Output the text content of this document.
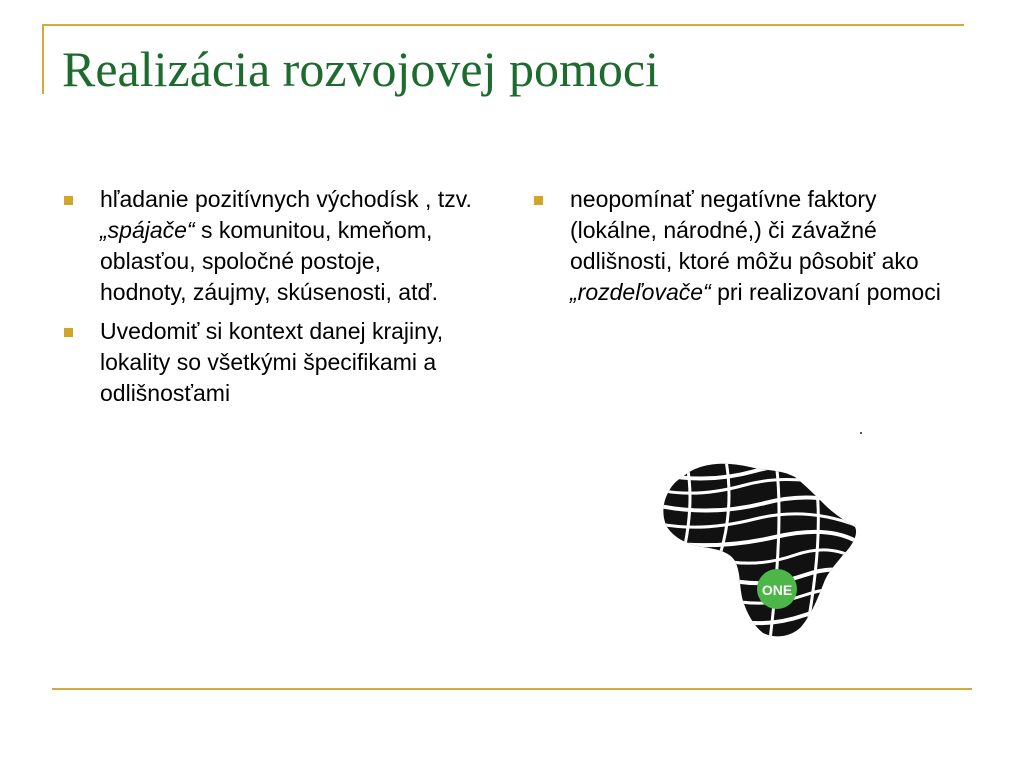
Realizácia rozvojovej pomoci
hľadanie pozitívnych východísk , tzv. „spájače“ s komunitou, kmeňom, oblasťou, spoločné postoje, hodnoty, záujmy, skúsenosti, atď.
Uvedomiť si kontext danej krajiny, lokality so všetkými špecifikami a odlišnosťami
neopomínať negatívne faktory (lokálne, národné,) či závažné odlišnosti, ktoré môžu pôsobiť ako „rozdeľovače“ pri realizovaní pomoci
ONE
